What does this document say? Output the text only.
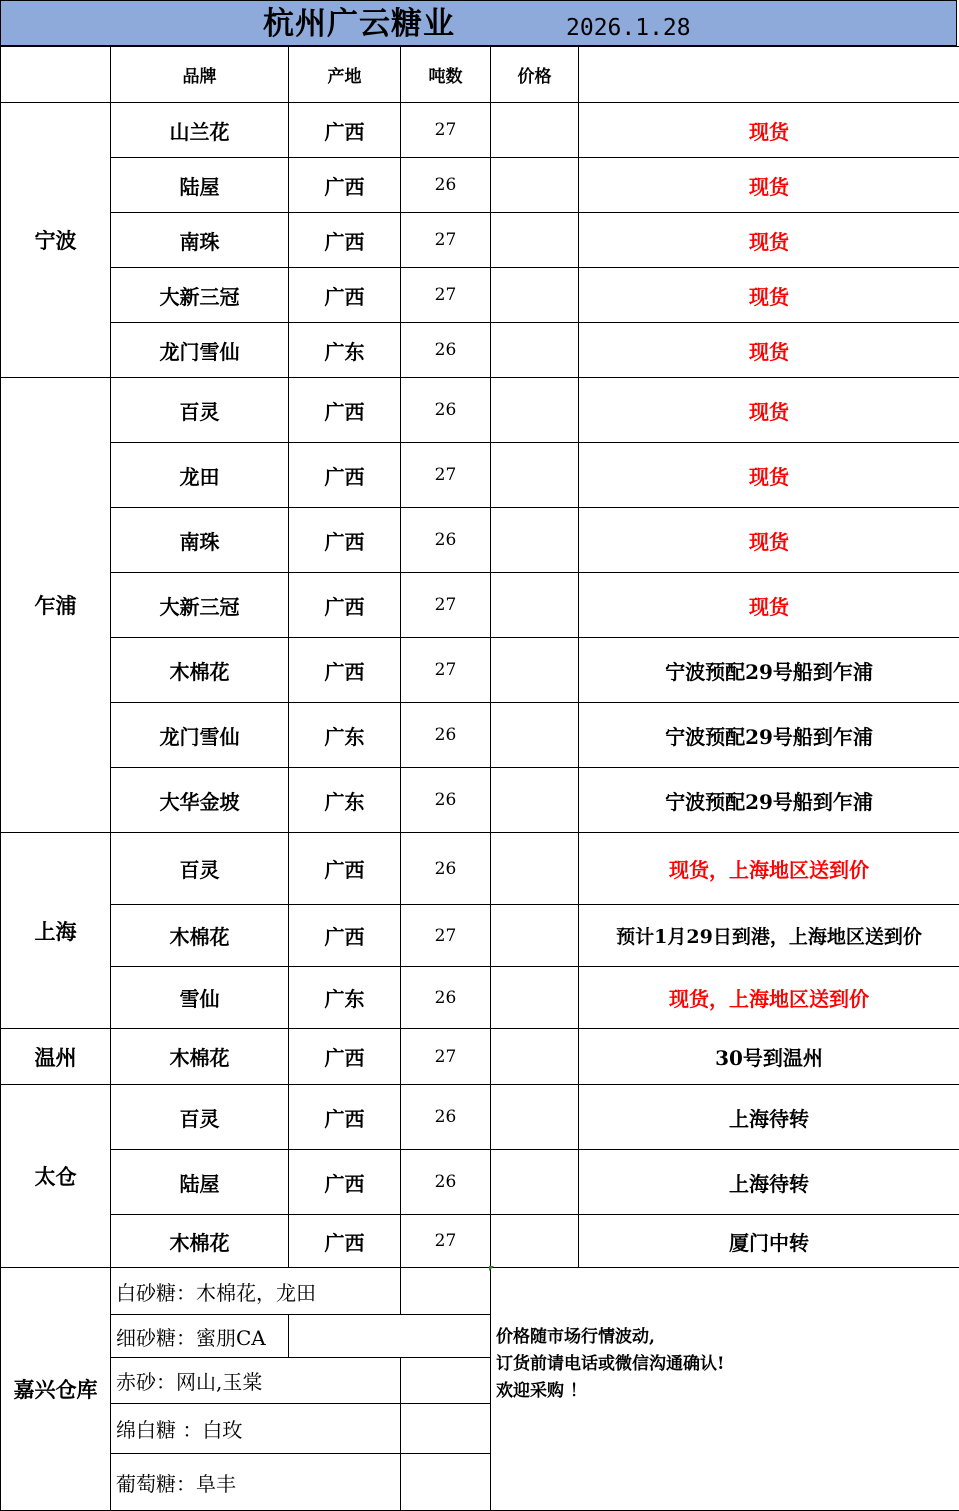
杭州广云糖业	2026.1.28
	品牌	产地	吨数	价格	
宁波	山兰花	广西	27		现货
	陆屋	广西	26		现货
	南珠	广西	27		现货
	大新三冠	广西	27		现货
	龙门雪仙	广东	26		现货
乍浦	百灵	广西	26		现货
	龙田	广西	27		现货
	南珠	广西	26		现货
	大新三冠	广西	27		现货
	木棉花	广西	27		宁波预配29号船到乍浦
	龙门雪仙	广东	26		宁波预配29号船到乍浦
	大华金坡	广东	26		宁波预配29号船到乍浦
上海	百灵	广西	26		现货，上海地区送到价
	木棉花	广西	27		预计1月29日到港，上海地区送到价
	雪仙	广东	26		现货，上海地区送到价
温州	木棉花	广西	27		30号到温州
太仓	百灵	广西	26		上海待转
	陆屋	广西	26		上海待转
	木棉花	广西	27		厦门中转
嘉兴仓库	白砂糖：木棉花，龙田			价格随市场行情波动,
订货前请电话或微信沟通确认!
欢迎采购 ！	

	细砂糖：蜜朋CA				
	赤砂：网山,玉棠				
	绵白糖 ：白玫				
	葡萄糖：阜丰				
